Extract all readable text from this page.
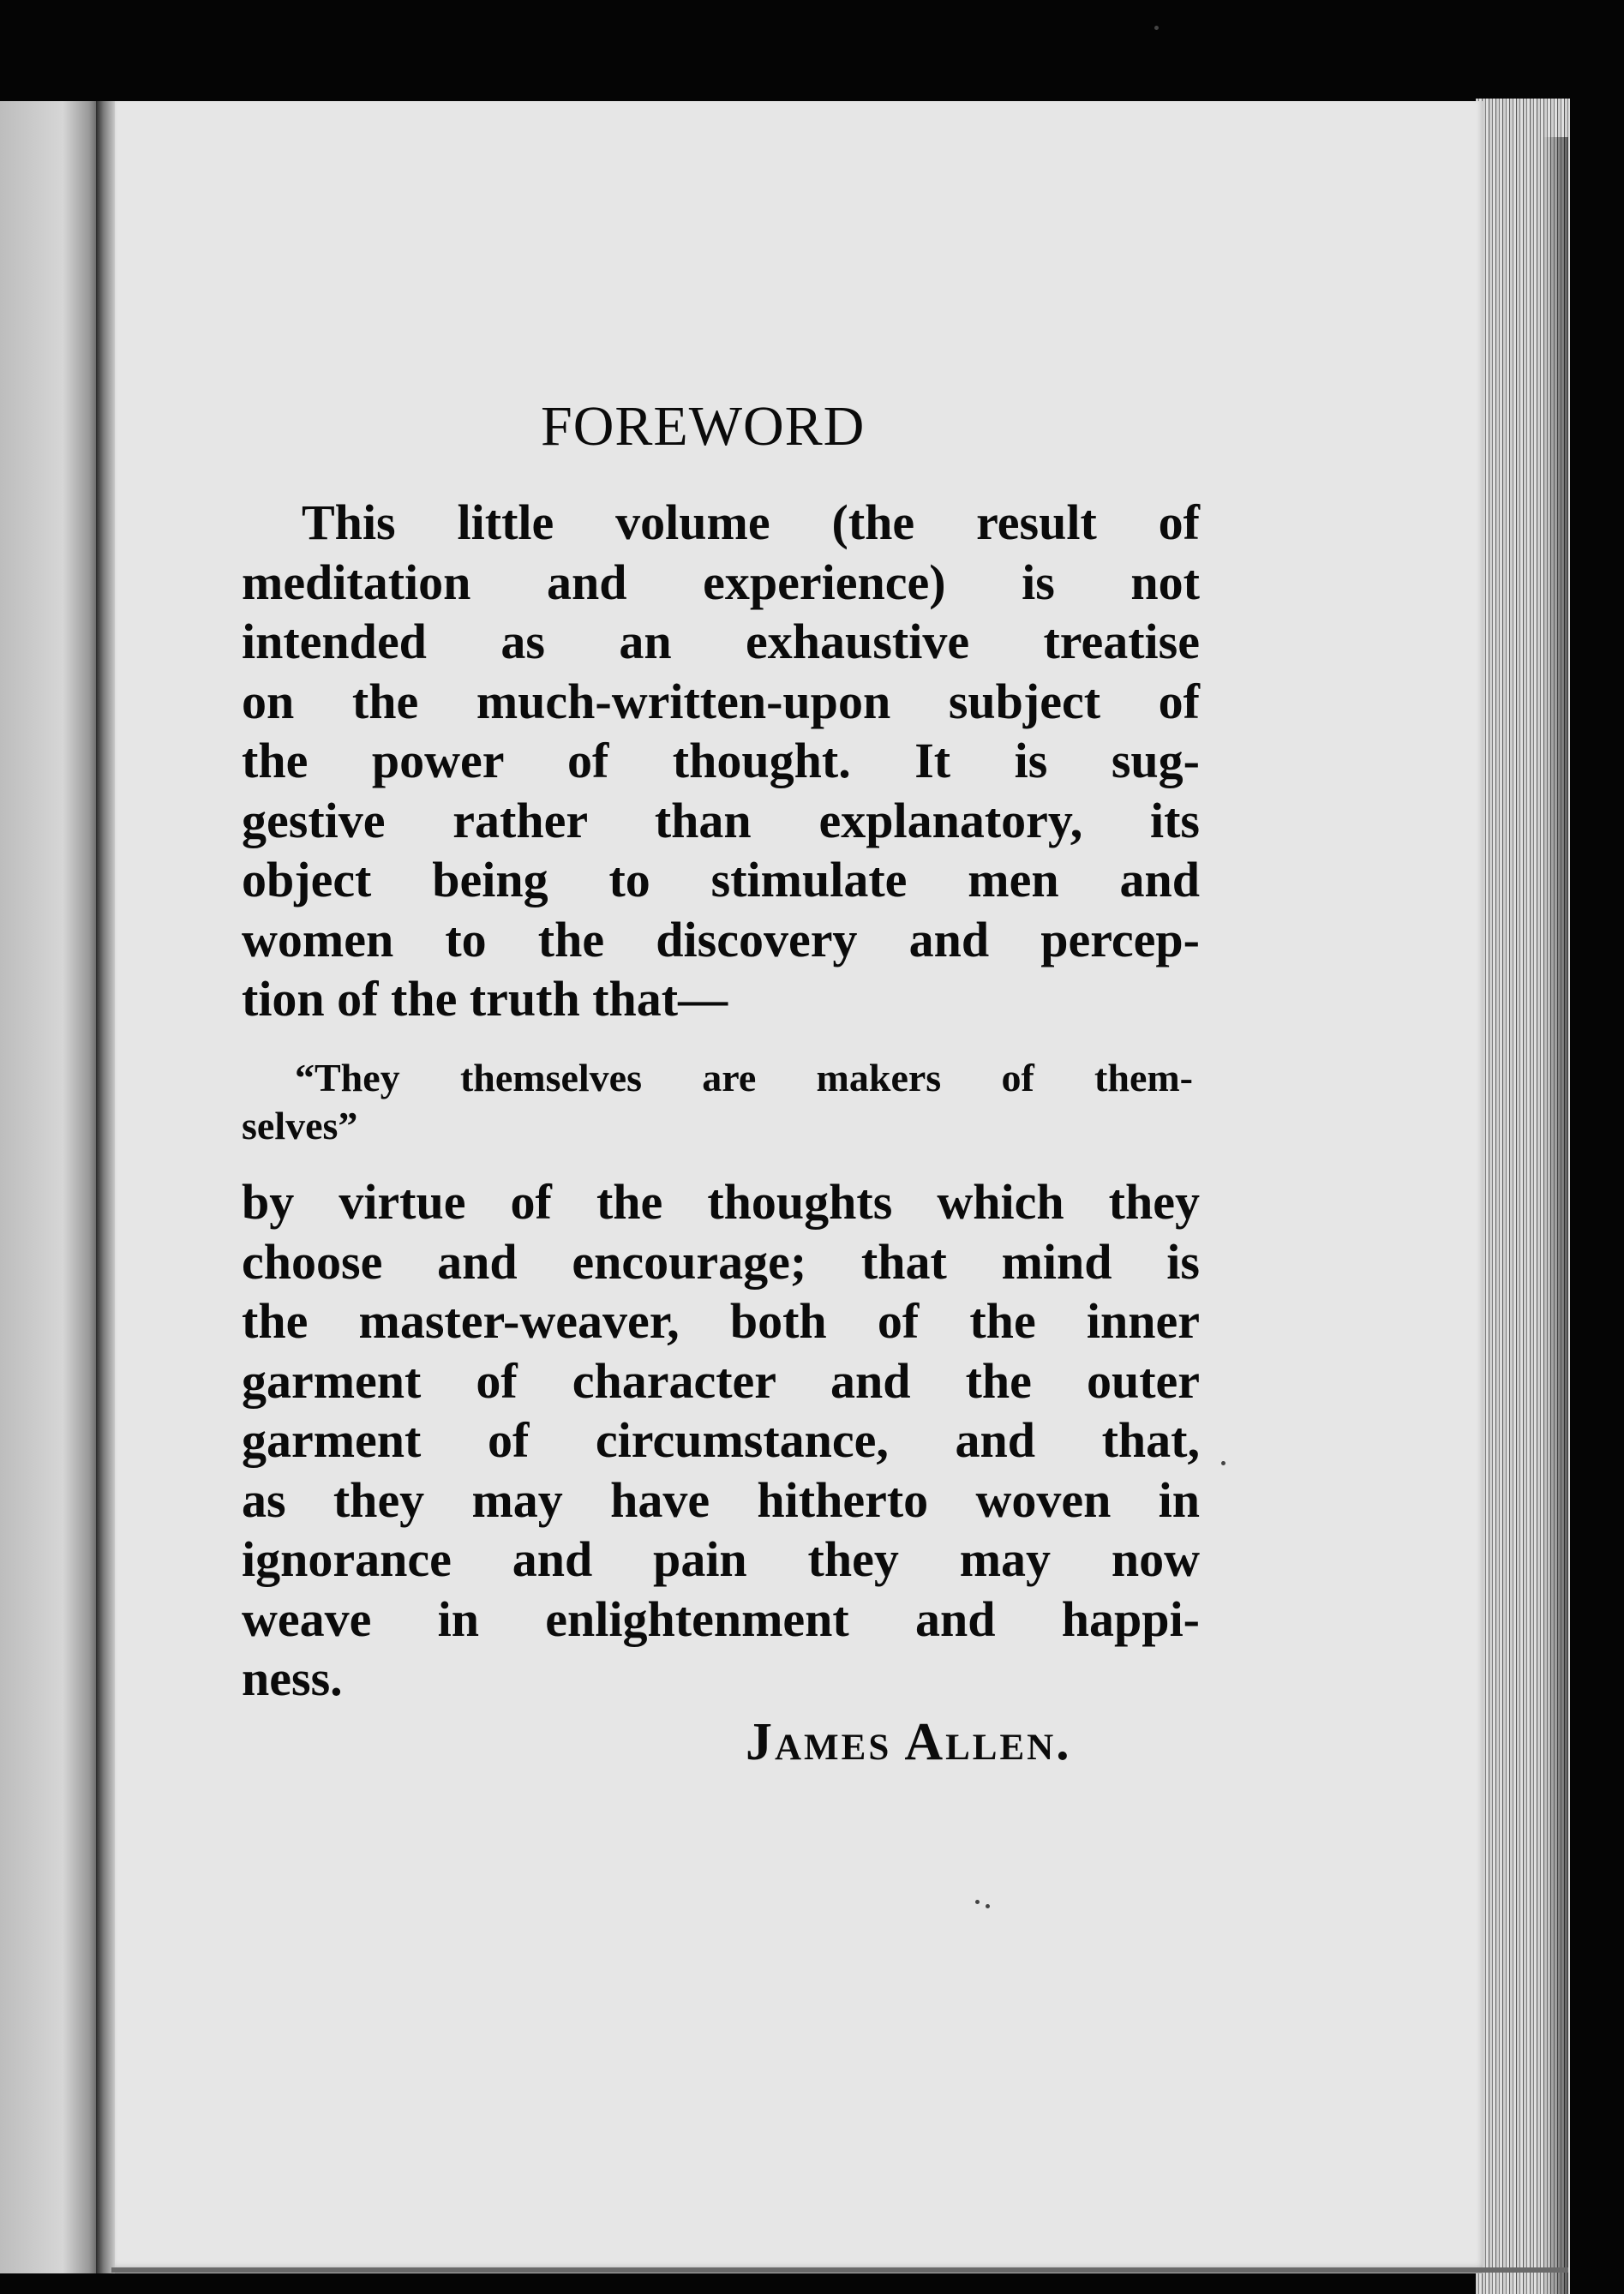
FOREWORD
This little volume (the result of
meditation and experience) is not
intended as an exhaustive treatise
on the much-written-upon subject of
the power of thought. It is sug-
gestive rather than explanatory, its
object being to stimulate men and
women to the discovery and percep-
tion of the truth that—
“They themselves are makers of them-
selves”
by virtue of the thoughts which they
choose and encourage; that mind is
the master-weaver, both of the inner
garment of character and the outer
garment of circumstance, and that,
as they may have hitherto woven in
ignorance and pain they may now
weave in enlightenment and happi-
ness.
James Allen.
